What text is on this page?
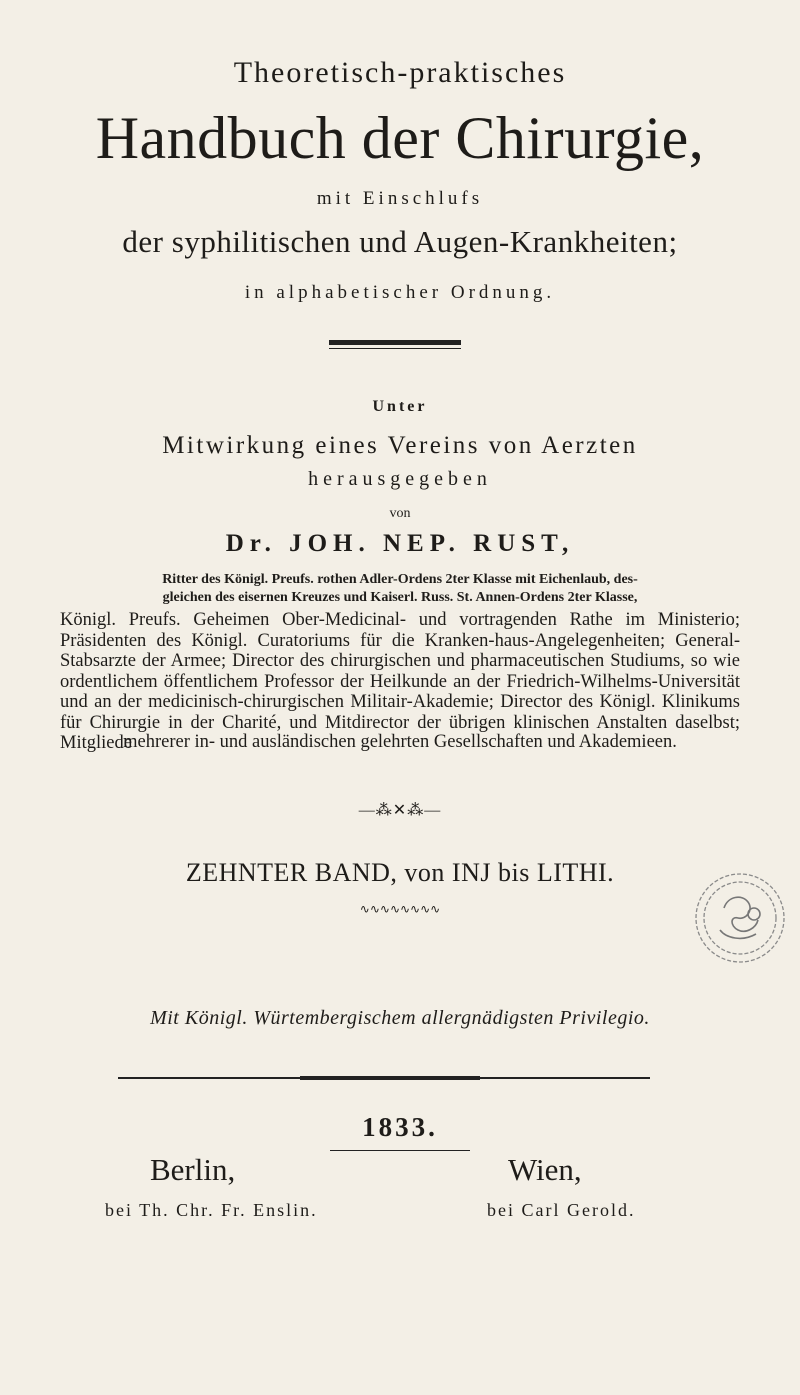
Theoretisch-praktisches
Handbuch der Chirurgie,
mit Einschlufs
der syphilitischen und Augen-Krankheiten;
in alphabetischer Ordnung.
Unter
Mitwirkung eines Vereins von Aerzten
herausgegeben
von
Dr. JOH. NEP. RUST,
Ritter des Königl. Preufs. rothen Adler-Ordens 2ter Klasse mit Eichenlaub, des-
gleichen des eisernen Kreuzes und Kaiserl. Russ. St. Annen-Ordens 2ter Klasse,
Königl. Preufs. Geheimen Ober-Medicinal- und vortragenden Rathe im Ministerio; Präsidenten des Königl. Curatoriums für die Kranken-haus-Angelegenheiten; General-Stabsarzte der Armee; Director des chirurgischen und pharmaceutischen Studiums, so wie ordentlichem öffentlichem Professor der Heilkunde an der Friedrich-Wilhelms-Universität und an der medicinisch-chirurgischen Militair-Akademie; Director des Königl. Klinikums für Chirurgie in der Charité, und Mitdirector der übrigen klinischen Anstalten daselbst; Mitgliede
mehrerer in- und ausländischen gelehrten Gesellschaften und Akademieen.
—⁂✕⁂—
ZEHNTER BAND, von INJ bis LITHI.
∿∿∿∿∿∿∿∿
Mit Königl. Würtembergischem allergnädigsten Privilegio.
1833.
Berlin,	Wien,
bei Th. Chr. Fr. Enslin.	bei Carl Gerold.
